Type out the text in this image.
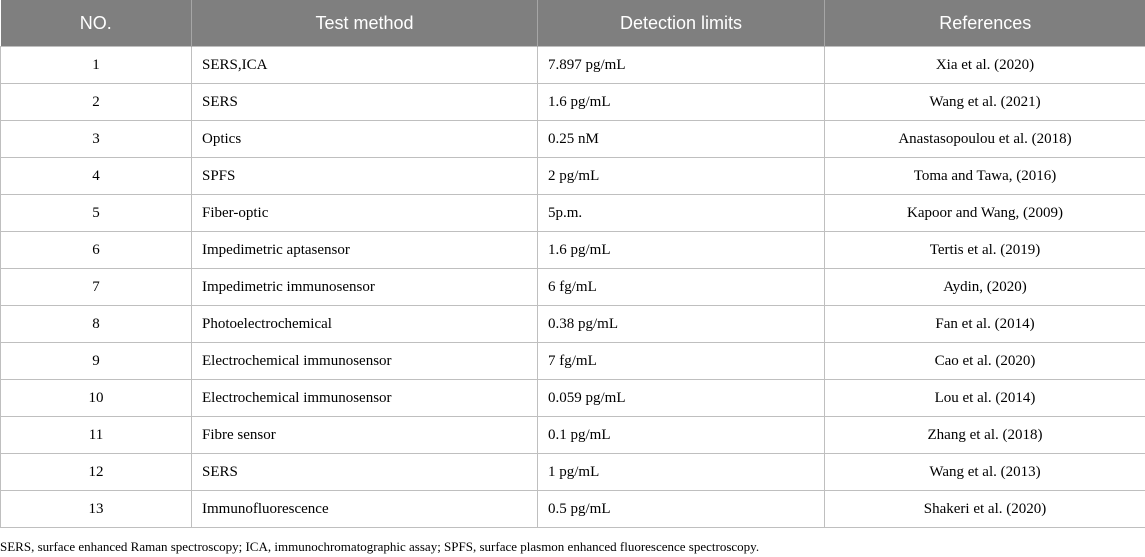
NO.	Test method	Detection limits	References
1	SERS,ICA	7.897 pg/mL	Xia et al. (2020)
2	SERS	1.6 pg/mL	Wang et al. (2021)
3	Optics	0.25 nM	Anastasopoulou et al. (2018)
4	SPFS	2 pg/mL	Toma and Tawa, (2016)
5	Fiber-optic	5p.m.	Kapoor and Wang, (2009)
6	Impedimetric aptasensor	1.6 pg/mL	Tertis et al. (2019)
7	Impedimetric immunosensor	6 fg/mL	Aydin, (2020)
8	Photoelectrochemical	0.38 pg/mL	Fan et al. (2014)
9	Electrochemical immunosensor	7 fg/mL	Cao et al. (2020)
10	Electrochemical immunosensor	0.059 pg/mL	Lou et al. (2014)
11	Fibre sensor	0.1 pg/mL	Zhang et al. (2018)
12	SERS	1 pg/mL	Wang et al. (2013)
13	Immunofluorescence	0.5 pg/mL	Shakeri et al. (2020)
SERS, surface enhanced Raman spectroscopy; ICA, immunochromatographic assay; SPFS, surface plasmon enhanced fluorescence spectroscopy.
